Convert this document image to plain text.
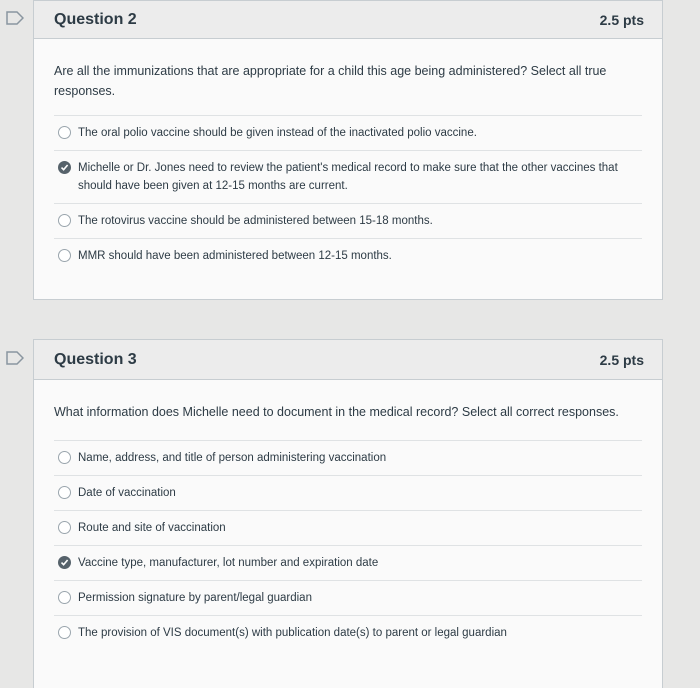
Question 2	2.5 pts

Are all the immunizations that are appropriate for a child this age being administered? Select all true responses.

The oral polio vaccine should be given instead of the inactivated polio vaccine.
Michelle or Dr. Jones need to review the patient's medical record to make sure that the other vaccines that should have been given at 12-15 months are current.
The rotovirus vaccine should be administered between 15-18 months.
MMR should have been administered between 12-15 months.
Question 3	2.5 pts

What information does Michelle need to document in the medical record? Select all correct responses.

Name, address, and title of person administering vaccination
Date of vaccination
Route and site of vaccination
Vaccine type, manufacturer, lot number and expiration date
Permission signature by parent/legal guardian
The provision of VIS document(s) with publication date(s) to parent or legal guardian
